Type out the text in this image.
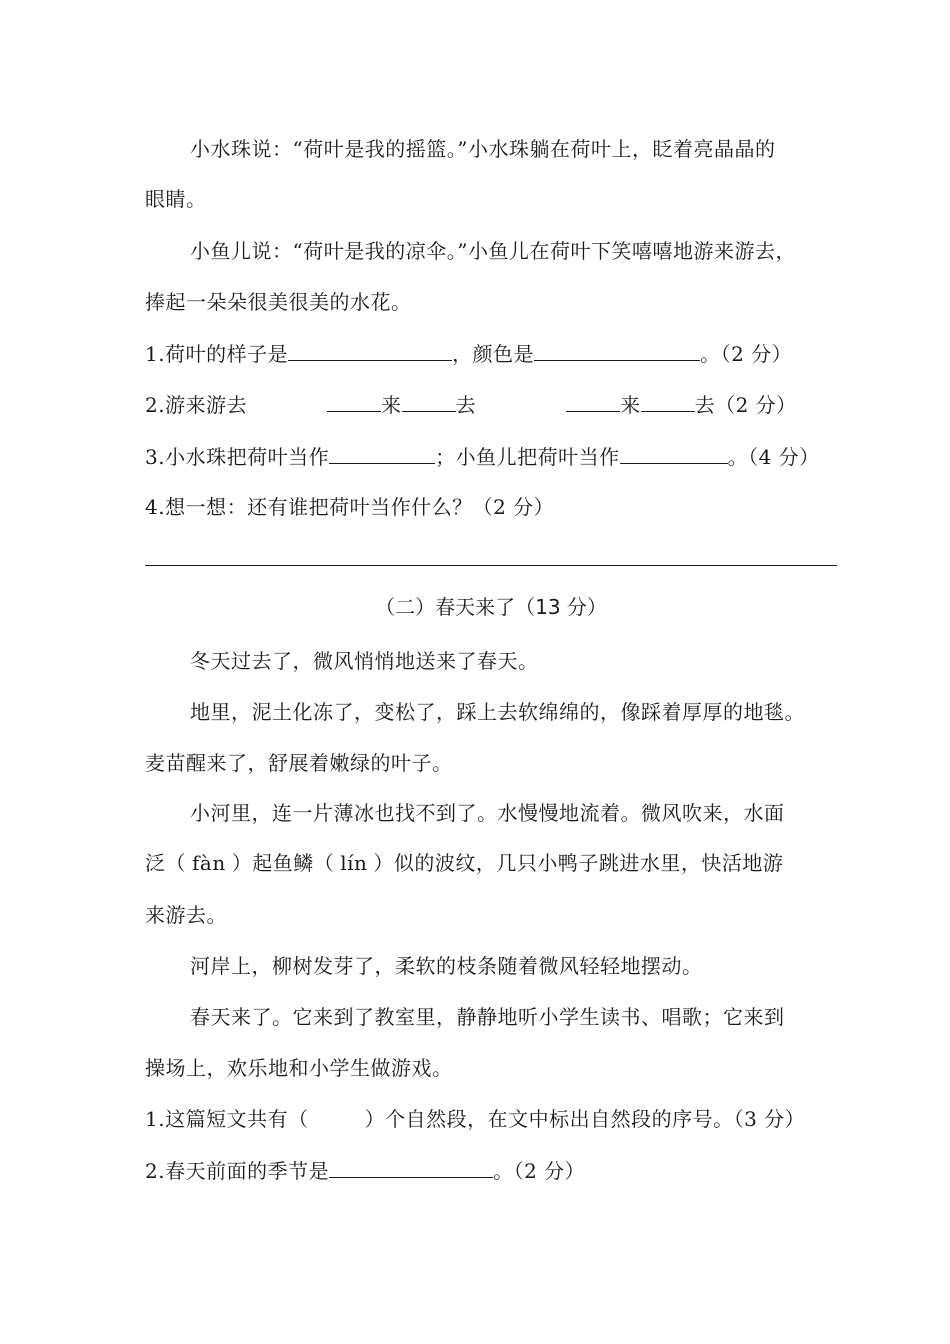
小水珠说：“荷叶是我的摇篮。”小水珠躺在荷叶上，眨着亮晶晶的
眼睛。
小鱼儿说：“荷叶是我的凉伞。”小鱼儿在荷叶下笑嘻嘻地游来游去，
捧起一朵朵很美很美的水花。
1.荷叶的样子是	，颜色是	。（2 分）
2.游来游去	来	去	来	去（2 分）
3.小水珠把荷叶当作	；小鱼儿把荷叶当作	。（4 分）
4.想一想：还有谁把荷叶当作什么？（2 分）
（二）春天来了（13 分）
冬天过去了，微风悄悄地送来了春天。
地里，泥土化冻了，变松了，踩上去软绵绵的，像踩着厚厚的地毯。
麦苗醒来了，舒展着嫩绿的叶子。
小河里，连一片薄冰也找不到了。水慢慢地流着。微风吹来，水面
泛（ fàn ）起鱼鳞（ lín ）似的波纹，几只小鸭子跳进水里，快活地游
来游去。
河岸上，柳树发芽了，柔软的枝条随着微风轻轻地摆动。
春天来了。它来到了教室里，静静地听小学生读书、唱歌；它来到
操场上，欢乐地和小学生做游戏。
1.这篇短文共有（	）个自然段，在文中标出自然段的序号。（3 分）
2.春天前面的季节是	。（2 分）
